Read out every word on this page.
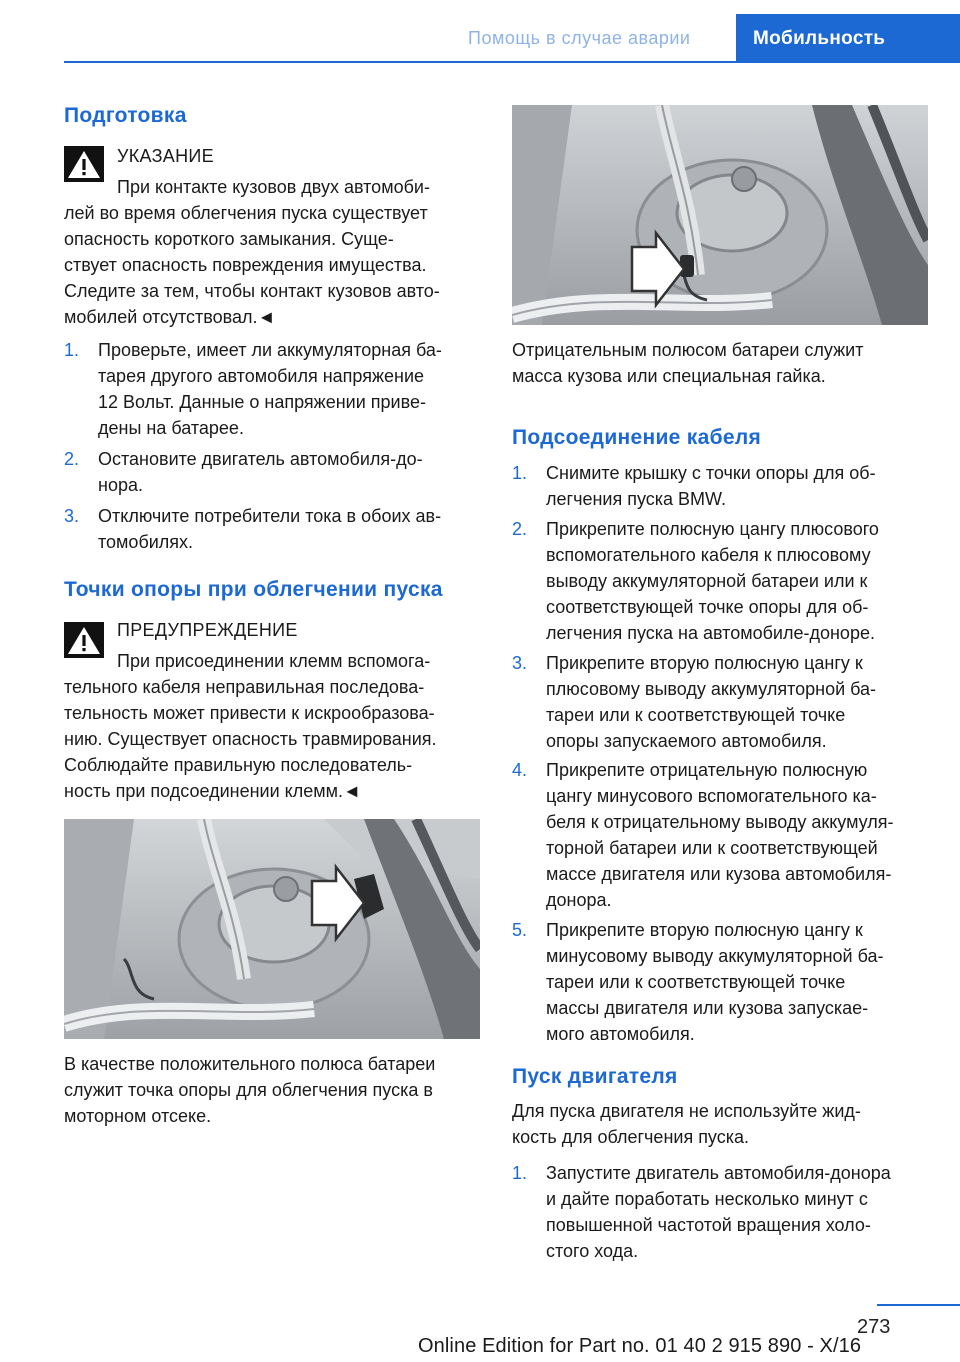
Помощь в случае аварии	Мобильность
Подготовка
УКАЗАНИЕ
При контакте кузовов двух автомоби-
лей во время облегчения пуска существует
опасность короткого замыкания. Суще-
ствует опасность повреждения имущества.
Следите за тем, чтобы контакт кузовов авто-
мобилей отсутствовал.◄
1. Проверьте, имеет ли аккумуляторная ба-
тарея другого автомобиля напряжение
12 Вольт. Данные о напряжении приве-
дены на батарее.
2. Остановите двигатель автомобиля-до-
нора.
3. Отключите потребители тока в обоих ав-
томобилях.
Точки опоры при облегчении пуска
ПРЕДУПРЕЖДЕНИЕ
При присоединении клемм вспомога-
тельного кабеля неправильная последова-
тельность может привести к искрообразова-
нию. Существует опасность травмирования.
Соблюдайте правильную последователь-
ность при подсоединении клемм.◄
В качестве положительного полюса батареи
служит точка опоры для облегчения пуска в
моторном отсеке.
Отрицательным полюсом батареи служит
масса кузова или специальная гайка.
Подсоединение кабеля
1. Снимите крышку с точки опоры для об-
легчения пуска BMW.
2. Прикрепите полюсную цангу плюсового
вспомогательного кабеля к плюсовому
выводу аккумуляторной батареи или к
соответствующей точке опоры для об-
легчения пуска на автомобиле-доноре.
3. Прикрепите вторую полюсную цангу к
плюсовому выводу аккумуляторной ба-
тареи или к соответствующей точке
опоры запускаемого автомобиля.
4. Прикрепите отрицательную полюсную
цангу минусового вспомогательного ка-
беля к отрицательному выводу аккумуля-
торной батареи или к соответствующей
массе двигателя или кузова автомобиля-
донора.
5. Прикрепите вторую полюсную цангу к
минусовому выводу аккумуляторной ба-
тареи или к соответствующей точке
массы двигателя или кузова запускае-
мого автомобиля.
Пуск двигателя
Для пуска двигателя не используйте жид-
кость для облегчения пуска.
1. Запустите двигатель автомобиля-донора
и дайте поработать несколько минут с
повышенной частотой вращения холо-
стого хода.
273
Online Edition for Part no. 01 40 2 915 890 - X/16
